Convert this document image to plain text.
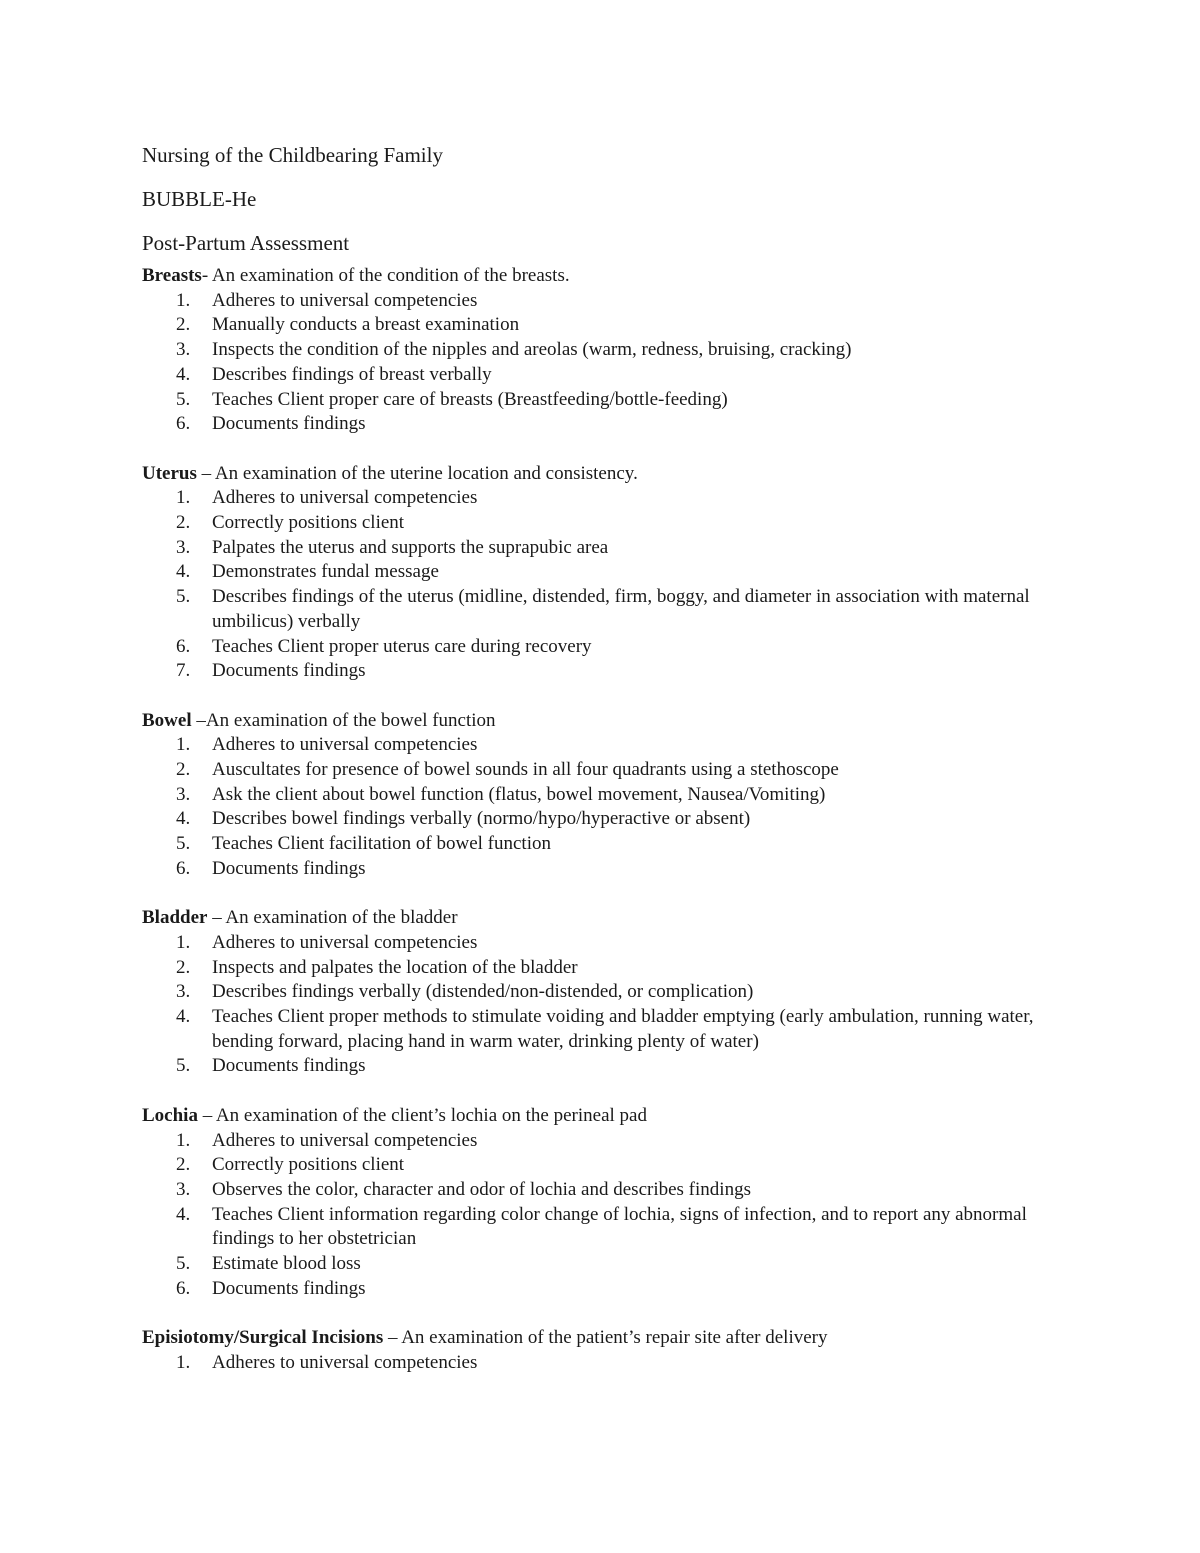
Nursing of the Childbearing Family
BUBBLE-He
Post-Partum Assessment
Breasts- An examination of the condition of the breasts.
1.	Adheres to universal competencies
2.	Manually conducts a breast examination
3.	Inspects the condition of the nipples and areolas (warm, redness, bruising, cracking)
4.	Describes findings of breast verbally
5.	Teaches Client proper care of breasts (Breastfeeding/bottle-feeding)
6.	Documents findings
Uterus – An examination of the uterine location and consistency.
1.	Adheres to universal competencies
2.	Correctly positions client
3.	Palpates the uterus and supports the suprapubic area
4.	Demonstrates fundal message
5.	Describes findings of the uterus (midline, distended, firm, boggy, and diameter in association with maternal umbilicus) verbally
6.	Teaches Client proper uterus care during recovery
7.	Documents findings
Bowel –An examination of the bowel function
1.	Adheres to universal competencies
2.	Auscultates for presence of bowel sounds in all four quadrants using a stethoscope
3.	Ask the client about bowel function (flatus, bowel movement, Nausea/Vomiting)
4.	Describes bowel findings verbally (normo/hypo/hyperactive or absent)
5.	Teaches Client facilitation of bowel function
6.	Documents findings
Bladder – An examination of the bladder
1.	Adheres to universal competencies
2.	Inspects and palpates the location of the bladder
3.	Describes findings verbally (distended/non-distended, or complication)
4.	Teaches Client proper methods to stimulate voiding and bladder emptying (early ambulation, running water, bending forward, placing hand in warm water, drinking plenty of water)
5.	Documents findings
Lochia – An examination of the client’s lochia on the perineal pad
1.	Adheres to universal competencies
2.	Correctly positions client
3.	Observes the color, character and odor of lochia and describes findings
4.	Teaches Client information regarding color change of lochia, signs of infection, and to report any abnormal findings to her obstetrician
5.	Estimate blood loss
6.	Documents findings
Episiotomy/Surgical Incisions – An examination of the patient’s repair site after delivery
1.	Adheres to universal competencies
